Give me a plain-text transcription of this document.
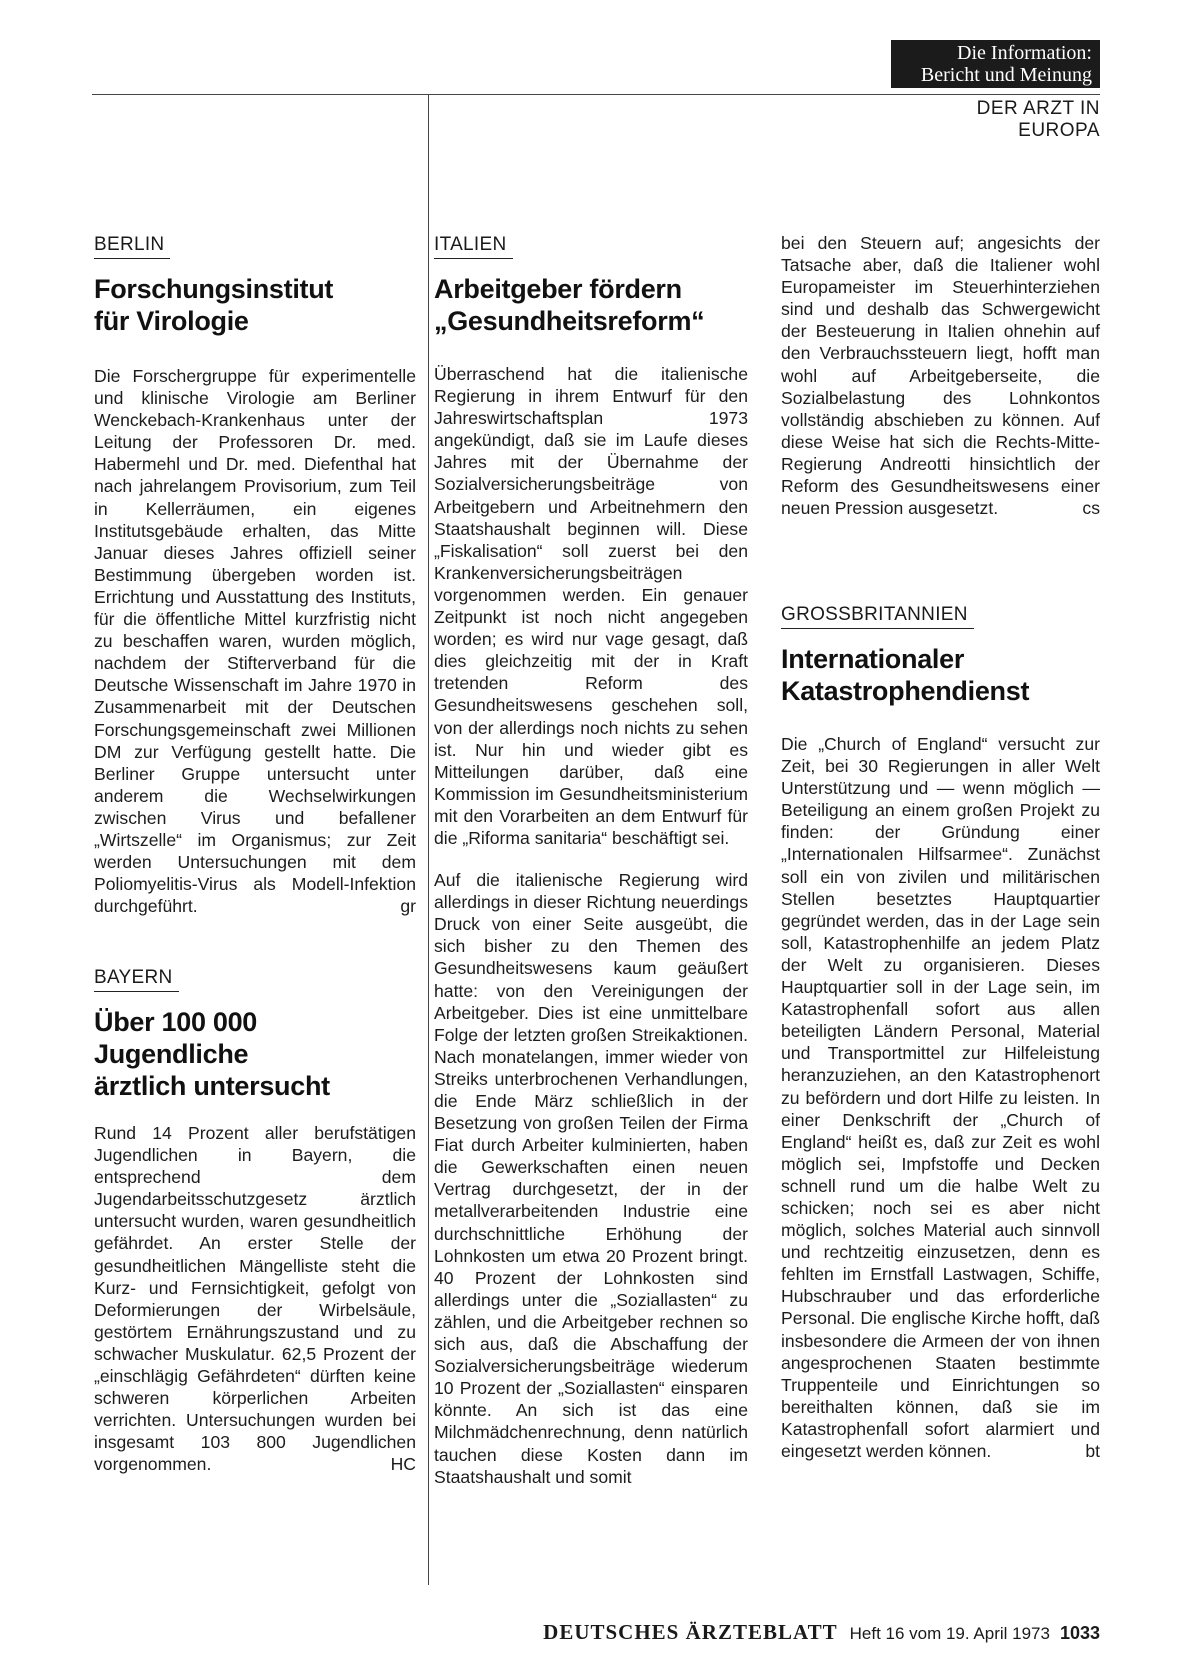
Die Information:
Bericht und Meinung
DER ARZT IN EUROPA
BERLIN
Forschungsinstitut
für Virologie

Die Forschergruppe für experimentelle und klinische Virologie am Berliner Wenckebach-Krankenhaus unter der Leitung der Professoren Dr. med. Habermehl und Dr. med. Diefenthal hat nach jahrelangem Provisorium, zum Teil in Kellerräumen, ein eigenes Institutsgebäude erhalten, das Mitte Januar dieses Jahres offiziell seiner Bestimmung übergeben worden ist. Errichtung und Ausstattung des Instituts, für die öffentliche Mittel kurzfristig nicht zu beschaffen waren, wurden möglich, nachdem der Stifterverband für die Deutsche Wissenschaft im Jahre 1970 in Zusammenarbeit mit der Deutschen Forschungsgemeinschaft zwei Millionen DM zur Verfügung gestellt hatte. Die Berliner Gruppe untersucht unter anderem die Wechselwirkungen zwischen Virus und befallener „Wirtszelle“ im Organismus; zur Zeit werden Untersuchungen mit dem Poliomyelitis-Virus als Modell-Infektion durchgeführt.	gr

BAYERN
Über 100 000
Jugendliche
ärztlich untersucht

Rund 14 Prozent aller berufstätigen Jugendlichen in Bayern, die entsprechend dem Jugendarbeitsschutzgesetz ärztlich untersucht wurden, waren gesundheitlich gefährdet. An erster Stelle der gesundheitlichen Mängelliste steht die Kurz- und Fernsichtigkeit, gefolgt von Deformierungen der Wirbelsäule, gestörtem Ernährungszustand und zu schwacher Muskulatur. 62,5 Prozent der „einschlägig Gefährdeten“ dürften keine schweren körperlichen Arbeiten verrichten. Untersuchungen wurden bei insgesamt 103 800 Jugendlichen vorgenommen.	HC

ITALIEN
Arbeitgeber fördern
„Gesundheitsreform“

Überraschend hat die italienische Regierung in ihrem Entwurf für den Jahreswirtschaftsplan 1973 angekündigt, daß sie im Laufe dieses Jahres mit der Übernahme der Sozialversicherungsbeiträge von Arbeitgebern und Arbeitnehmern den Staatshaushalt beginnen will. Diese „Fiskalisation“ soll zuerst bei den Krankenversicherungsbeiträgen vorgenommen werden. Ein genauer Zeitpunkt ist noch nicht angegeben worden; es wird nur vage gesagt, daß dies gleichzeitig mit der in Kraft tretenden Reform des Gesundheitswesens geschehen soll, von der allerdings noch nichts zu sehen ist. Nur hin und wieder gibt es Mitteilungen darüber, daß eine Kommission im Gesundheitsministerium mit den Vorarbeiten an dem Entwurf für die „Riforma sanitaria“ beschäftigt sei.

Auf die italienische Regierung wird allerdings in dieser Richtung neuerdings Druck von einer Seite ausgeübt, die sich bisher zu den Themen des Gesundheitswesens kaum geäußert hatte: von den Vereinigungen der Arbeitgeber. Dies ist eine unmittelbare Folge der letzten großen Streikaktionen. Nach monatelangen, immer wieder von Streiks unterbrochenen Verhandlungen, die Ende März schließlich in der Besetzung von großen Teilen der Firma Fiat durch Arbeiter kulminierten, haben die Gewerkschaften einen neuen Vertrag durchgesetzt, der in der metallverarbeitenden Industrie eine durchschnittliche Erhöhung der Lohnkosten um etwa 20 Prozent bringt. 40 Prozent der Lohnkosten sind allerdings unter die „Soziallasten“ zu zählen, und die Arbeitgeber rechnen so sich aus, daß die Abschaffung der Sozialversicherungsbeiträge wiederum 10 Prozent der „Soziallasten“ einsparen könnte. An sich ist das eine Milchmädchenrechnung, denn natürlich tauchen diese Kosten dann im Staatshaushalt und somit

bei den Steuern auf; angesichts der Tatsache aber, daß die Italiener wohl Europameister im Steuerhinterziehen sind und deshalb das Schwergewicht der Besteuerung in Italien ohnehin auf den Verbrauchssteuern liegt, hofft man wohl auf Arbeitgeberseite, die Sozialbelastung des Lohnkontos vollständig abschieben zu können. Auf diese Weise hat sich die Rechts-Mitte-Regierung Andreotti hinsichtlich der Reform des Gesundheitswesens einer neuen Pression ausgesetzt.	cs

GROSSBRITANNIEN
Internationaler
Katastrophendienst

Die „Church of England“ versucht zur Zeit, bei 30 Regierungen in aller Welt Unterstützung und — wenn möglich — Beteiligung an einem großen Projekt zu finden: der Gründung einer „Internationalen Hilfsarmee“. Zunächst soll ein von zivilen und militärischen Stellen besetztes Hauptquartier gegründet werden, das in der Lage sein soll, Katastrophenhilfe an jedem Platz der Welt zu organisieren. Dieses Hauptquartier soll in der Lage sein, im Katastrophenfall sofort aus allen beteiligten Ländern Personal, Material und Transportmittel zur Hilfeleistung heranzuziehen, an den Katastrophenort zu befördern und dort Hilfe zu leisten. In einer Denkschrift der „Church of England“ heißt es, daß zur Zeit es wohl möglich sei, Impfstoffe und Decken schnell rund um die halbe Welt zu schicken; noch sei es aber nicht möglich, solches Material auch sinnvoll und rechtzeitig einzusetzen, denn es fehlten im Ernstfall Lastwagen, Schiffe, Hubschrauber und das erforderliche Personal. Die englische Kirche hofft, daß insbesondere die Armeen der von ihnen angesprochenen Staaten bestimmte Truppenteile und Einrichtungen so bereithalten können, daß sie im Katastrophenfall sofort alarmiert und eingesetzt werden können.	bt

DEUTSCHES ÄRZTEBLATT Heft 16 vom 19. April 1973 1033
